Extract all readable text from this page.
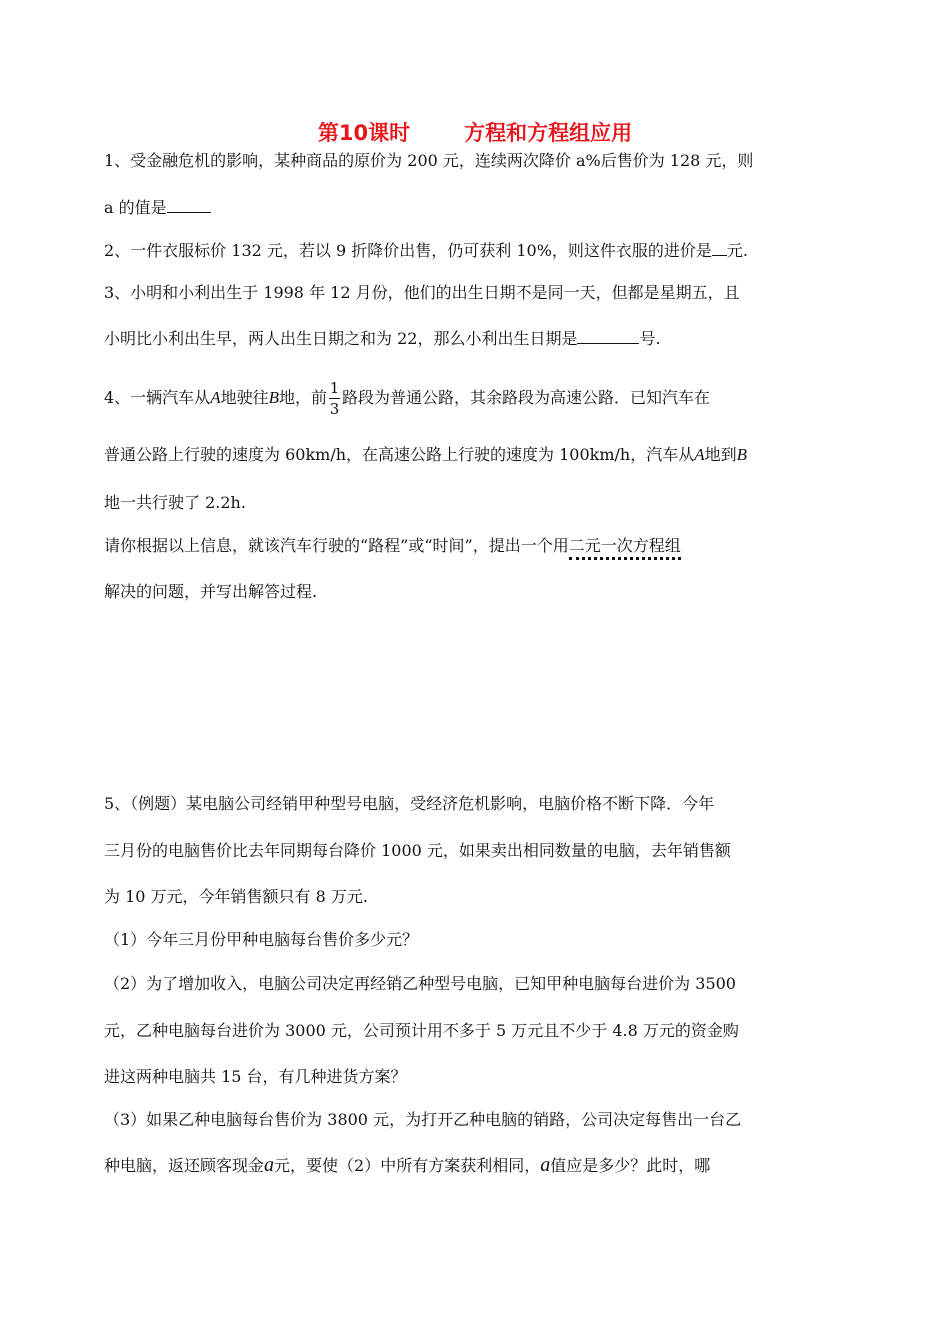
第10课时	方程和方程组应用
1、受金融危机的影响，某种商品的原价为 200 元，连续两次降价 a%后售价为 128 元，则
a 的值是
2、一件衣服标价 132 元，若以 9 折降价出售，仍可获利 10%，则这件衣服的进价是 元.
3、小明和小利出生于 1998 年 12 月份，他们的出生日期不是同一天，但都是星期五，且
小明比小利出生早，两人出生日期之和为 22，那么小利出生日期是	号.
4、一辆汽车从A地驶往B地，前 $\frac{1}{3}$ 路段为普通公路，其余路段为高速公路．已知汽车在
普通公路上行驶的速度为 60km/h，在高速公路上行驶的速度为 100km/h，汽车从A地到B
地一共行驶了 2.2h.
请你根据以上信息，就该汽车行驶的“路程”或“时间”，提出一个用二元一次方程组
解决的问题，并写出解答过程.
5、（例题）某电脑公司经销甲种型号电脑，受经济危机影响，电脑价格不断下降．今年
三月份的电脑售价比去年同期每台降价 1000 元，如果卖出相同数量的电脑，去年销售额
为 10 万元，今年销售额只有 8 万元.
（1）今年三月份甲种电脑每台售价多少元？
（2）为了增加收入，电脑公司决定再经销乙种型号电脑，已知甲种电脑每台进价为 3500
元，乙种电脑每台进价为 3000 元，公司预计用不多于 5 万元且不少于 4.8 万元的资金购
进这两种电脑共 15 台，有几种进货方案？
（3）如果乙种电脑每台售价为 3800 元，为打开乙种电脑的销路，公司决定每售出一台乙
种电脑，返还顾客现金a元，要使（2）中所有方案获利相同，a值应是多少？此时，哪
